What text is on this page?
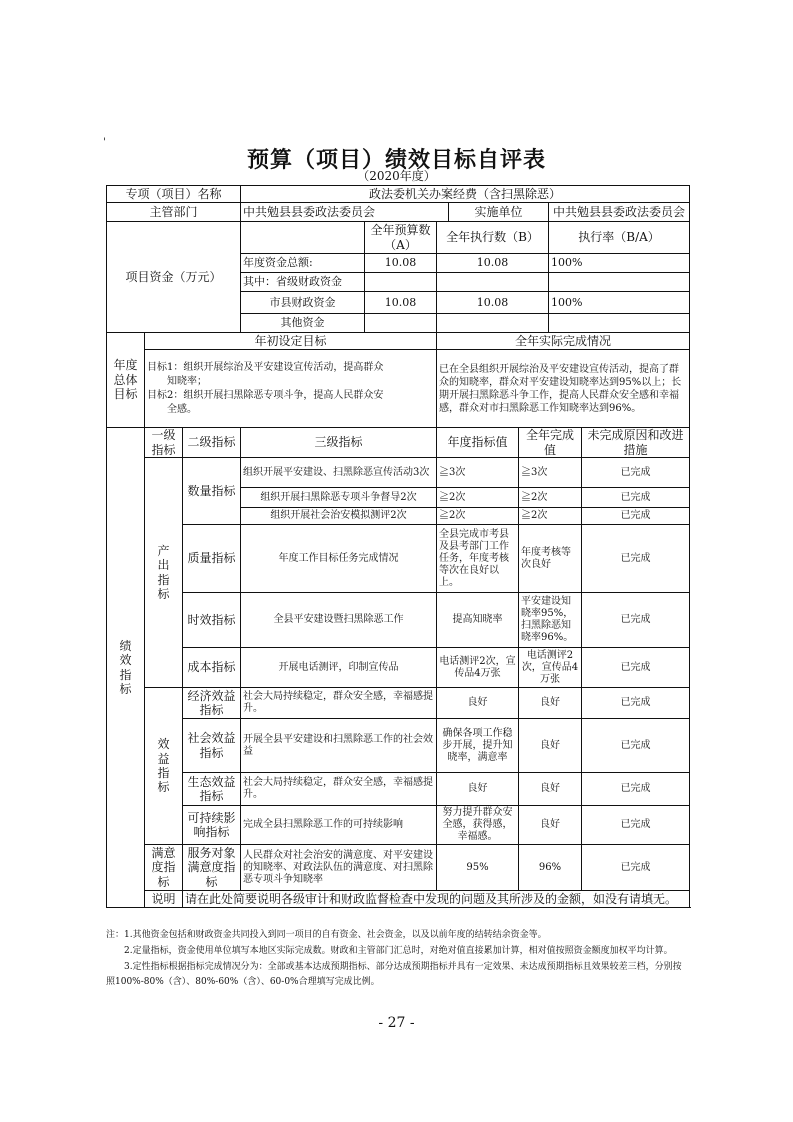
'
预算（项目）绩效目标自评表
（2020年度）
专项（项目）名称			政法委机关办案经费（含扫黑除恶）						
主管部门			中共勉县县委政法委员会			实施单位		中共勉县县委政法委员会	
项目资金（万元）				全年预算数（A）	全年执行数（B）			执行率（B/A）	
			年度资金总额:	10.08	10.08			100%	
			其中：省级财政资金						
			市县财政资金	10.08	10.08			100%	
			其他资金						

年度
总体
目标	年初设定目标				全年实际完成情况				

	目标1：组织开展综治及平安建设宣传活动，提高群众
　　知晓率；
目标2：组织开展扫黑除恶专项斗争，提高人民群众安
　　全感。				已在全县组织开展综治及平安建设宣传活动，提高了群众的知晓率，群众对平安建设知晓率达到95%以上；长期开展扫黑除恶斗争工作，提高人民群众安全感和幸福感，群众对市扫黑除恶工作知晓率达到96%。				

绩
效
指
标	一级指标	二级指标	三级指标		年度指标值		全年完成值		未完成原因和改进措施

	产
出
指
标	数量指标	组织开展平安建设、扫黑除恶宣传活动3次		≧3次		≧3次		已完成
			组织开展扫黑除恶专项斗争督导2次		≧2次		≧2次		已完成
			组织开展社会治安模拟测评2次		≧2次		≧2次		已完成
		质量指标	年度工作目标任务完成情况		全县完成市考县及县考部门工作任务，年度考核等次在良好以上。		年度考核等次良好		已完成
		时效指标	全县平安建设暨扫黑除恶工作		提高知晓率		平安建设知晓率95%，扫黑除恶知晓率96%。		已完成
		成本指标	开展电话测评，印制宣传品		电话测评2次，宣传品4万张		电话测评2次，宣传品4万张		已完成

	效
益
指
标	经济效益指标	社会大局持续稳定，群众安全感，幸福感提升。		良好		良好		已完成
		社会效益指标	开展全县平安建设和扫黑除恶工作的社会效益		确保各项工作稳步开展，提升知晓率，满意率		良好		已完成
		生态效益指标	社会大局持续稳定，群众安全感，幸福感提升。		良好		良好		已完成
		可持续影响指标	完成全县扫黑除恶工作的可持续影响		努力提升群众安全感，获得感，幸福感。		良好		已完成
	满意度指标	服务对象满意度指标	人民群众对社会治安的满意度、对平安建设的知晓率、对政法队伍的满意度、对扫黑除恶专项斗争知晓率		95%		96%		已完成
	说明	请在此处简要说明各级审计和财政监督检查中发现的问题及其所涉及的金额，如没有请填无。							

注：1.其他资金包括和财政资金共同投入到同一项目的自有资金、社会资金，以及以前年度的结转结余资金等。

　　2.定量指标，资金使用单位填写本地区实际完成数。财政和主管部门汇总时，对绝对值直接累加计算，相对值按照资金额度加权平均计算。

　　3.定性指标根据指标完成情况分为：全部或基本达成预期指标、部分达成预期指标并具有一定效果、未达成预期指标且效果较差三档，分别按照100%-80%（含）、80%-60%（含）、60-0%合理填写完成比例。

- 27 -
